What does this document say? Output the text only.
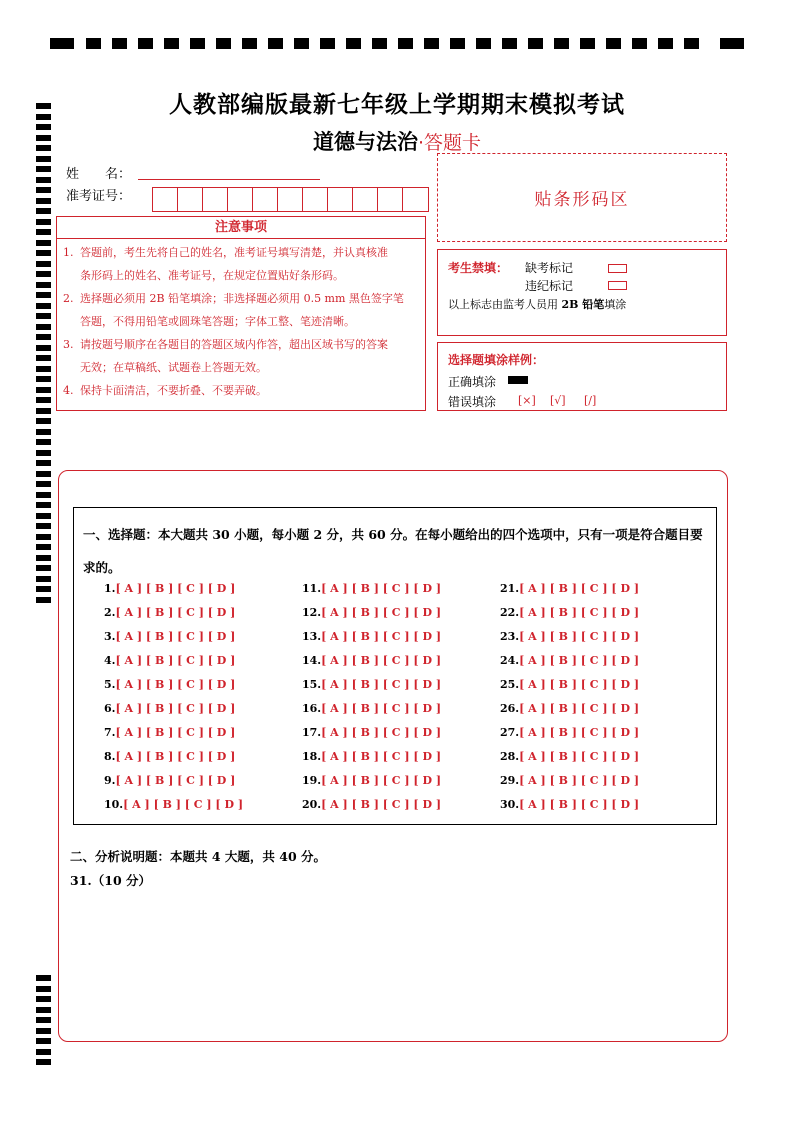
人教部编版最新七年级上学期期末模拟考试
道德与法治·答题卡
姓　　名：
准考证号：	贴条形码区
注意事项
1. 答题前，考生先将自己的姓名，准考证号填写清楚，并认真核准
条形码上的姓名、准考证号，在规定位置贴好条形码。
2. 选择题必须用 2B 铅笔填涂；非选择题必须用 0.5 mm 黑色签字笔
答题，不得用铅笔或圆珠笔答题；字体工整、笔迹清晰。
3. 请按题号顺序在各题目的答题区域内作答，超出区域书写的答案
无效；在草稿纸、试题卷上答题无效。
4. 保持卡面清洁，不要折叠、不要弄破。
考生禁填： 缺考标记
违纪标记
以上标志由监考人员用 2B 铅笔填涂
选择题填涂样例：
正确填涂
错误填涂 [×] [√] [/]
一、选择题：本大题共 30 小题，每小题 2 分，共 60 分。在每小题给出的四个选项中，只有一项是符合题目要求的。
1.[ A ] [ B ] [ C ] [ D ]
2.[ A ] [ B ] [ C ] [ D ]
3.[ A ] [ B ] [ C ] [ D ]
4.[ A ] [ B ] [ C ] [ D ]
5.[ A ] [ B ] [ C ] [ D ]
6.[ A ] [ B ] [ C ] [ D ]
7.[ A ] [ B ] [ C ] [ D ]
8.[ A ] [ B ] [ C ] [ D ]
9.[ A ] [ B ] [ C ] [ D ]
10.[ A ] [ B ] [ C ] [ D ]
11.[ A ] [ B ] [ C ] [ D ]
12.[ A ] [ B ] [ C ] [ D ]
13.[ A ] [ B ] [ C ] [ D ]
14.[ A ] [ B ] [ C ] [ D ]
15.[ A ] [ B ] [ C ] [ D ]
16.[ A ] [ B ] [ C ] [ D ]
17.[ A ] [ B ] [ C ] [ D ]
18.[ A ] [ B ] [ C ] [ D ]
19.[ A ] [ B ] [ C ] [ D ]
20.[ A ] [ B ] [ C ] [ D ]
21.[ A ] [ B ] [ C ] [ D ]
22.[ A ] [ B ] [ C ] [ D ]
23.[ A ] [ B ] [ C ] [ D ]
24.[ A ] [ B ] [ C ] [ D ]
25.[ A ] [ B ] [ C ] [ D ]
26.[ A ] [ B ] [ C ] [ D ]
27.[ A ] [ B ] [ C ] [ D ]
28.[ A ] [ B ] [ C ] [ D ]
29.[ A ] [ B ] [ C ] [ D ]
30.[ A ] [ B ] [ C ] [ D ]
二、分析说明题：本题共 4 大题，共 40 分。
31.（10 分）
